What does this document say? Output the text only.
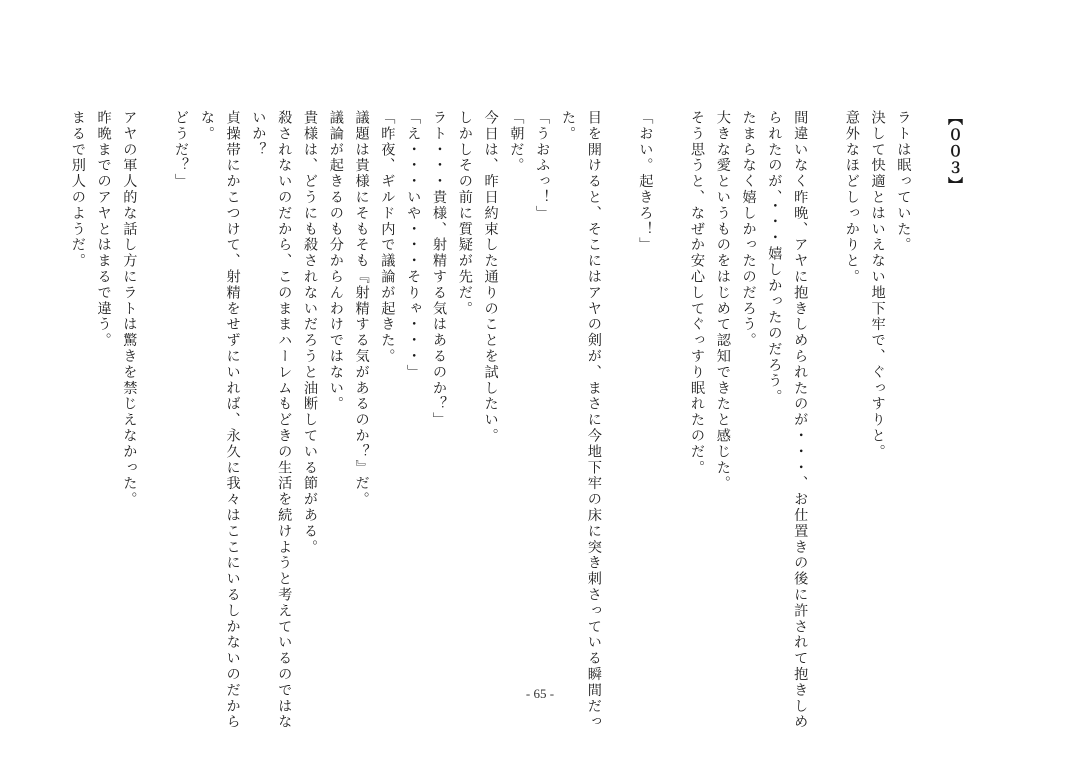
【００３】
ラトは眠っていた。
決して快適とはいえない地下牢で、ぐっすりと。
意外なほどしっかりと。
間違いなく昨晩、アヤに抱きしめられたのが・・・、お仕置きの後に許されて抱きしめ
られたのが、・・・嬉しかったのだろう。
たまらなく嬉しかったのだろう。
大きな愛というものをはじめて認知できたと感じた。
そう思うと、なぜか安心してぐっすり眠れたのだ。
「おい。起きろ！」
目を開けると、そこにはアヤの剣が、まさに今地下牢の床に突き刺さっている瞬間だっ
た。
「うおふっ！」
「朝だ。
今日は、昨日約束した通りのことを試したい。
しかしその前に質疑が先だ。
ラト・・・貴様、射精する気はあるのか？」
「え・・・いや・・・そりゃ・・・」
「昨夜、ギルド内で議論が起きた。
議題は貴様にそもそも『射精する気があるのか？』だ。
議論が起きるのも分からんわけではない。
貴様は、どうにも殺されないだろうと油断している節がある。
殺されないのだから、このままハーレムもどきの生活を続けようと考えているのではな
いか？
貞操帯にかこつけて、射精をせずにいれば、永久に我々はここにいるしかないのだから
な。
どうだ？」
アヤの軍人的な話し方にラトは驚きを禁じえなかった。
昨晩までのアヤとはまるで違う。
まるで別人のようだ。
‐ 65 ‐
